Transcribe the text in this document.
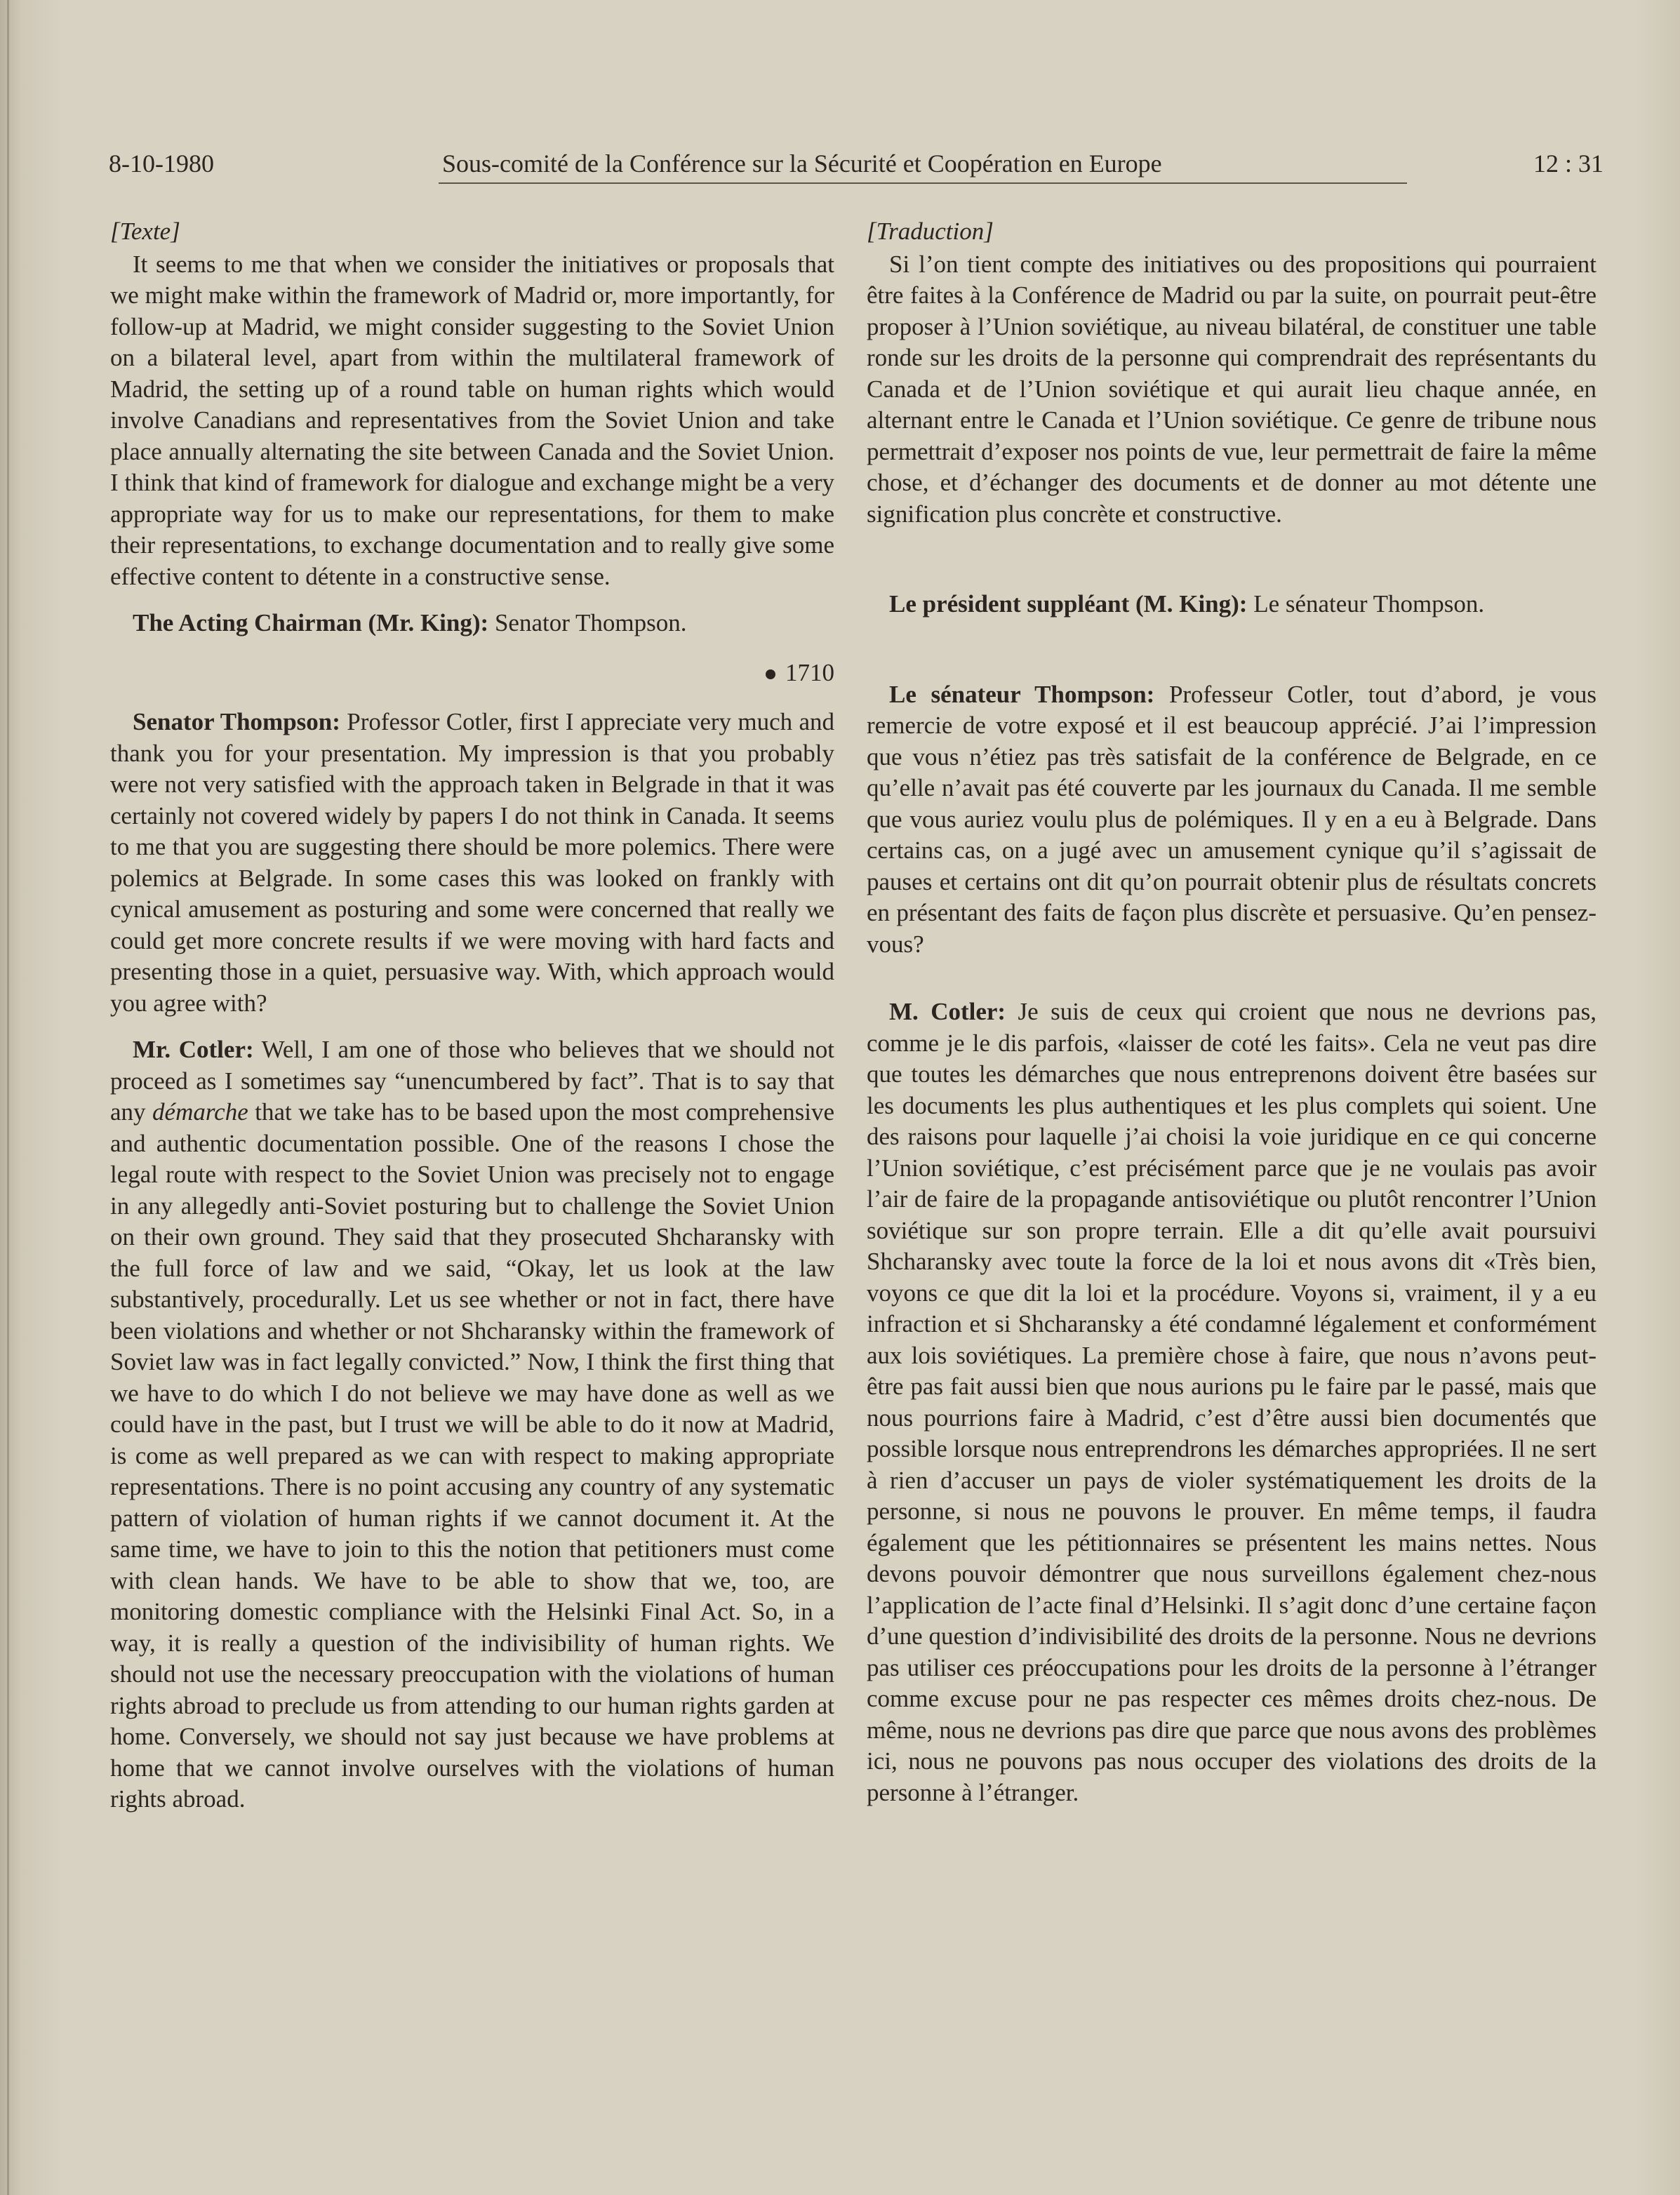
8-10-1980	Sous-comité de la Conférence sur la Sécurité et Coopération en Europe	12 : 31
[Texte]

It seems to me that when we consider the initiatives or proposals that we might make within the framework of Madrid or, more importantly, for follow-up at Madrid, we might consider suggesting to the Soviet Union on a bilateral level, apart from within the multilateral framework of Madrid, the setting up of a round table on human rights which would involve Canadians and representatives from the Soviet Union and take place annually alternating the site between Canada and the Soviet Union. I think that kind of framework for dialogue and exchange might be a very appropriate way for us to make our representations, for them to make their representations, to exchange documentation and to really give some effective content to détente in a constructive sense.

The Acting Chairman (Mr. King): Senator Thompson.

1710

Senator Thompson: Professor Cotler, first I appreciate very much and thank you for your presentation. My impression is that you probably were not very satisfied with the approach taken in Belgrade in that it was certainly not covered widely by papers I do not think in Canada. It seems to me that you are suggesting there should be more polemics. There were polemics at Belgrade. In some cases this was looked on frankly with cynical amusement as posturing and some were concerned that really we could get more concrete results if we were moving with hard facts and presenting those in a quiet, persuasive way. With, which approach would you agree with?

Mr. Cotler: Well, I am one of those who believes that we should not proceed as I sometimes say “unencumbered by fact”. That is to say that any démarche that we take has to be based upon the most comprehensive and authentic documentation possible. One of the reasons I chose the legal route with respect to the Soviet Union was precisely not to engage in any allegedly anti-Soviet posturing but to challenge the Soviet Union on their own ground. They said that they prosecuted Shcharansky with the full force of law and we said, “Okay, let us look at the law substantively, procedurally. Let us see whether or not in fact, there have been violations and whether or not Shcharansky within the framework of Soviet law was in fact legally convicted.” Now, I think the first thing that we have to do which I do not believe we may have done as well as we could have in the past, but I trust we will be able to do it now at Madrid, is come as well prepared as we can with respect to making appropriate representations. There is no point accusing any country of any systematic pattern of violation of human rights if we cannot document it. At the same time, we have to join to this the notion that petitioners must come with clean hands. We have to be able to show that we, too, are monitoring domestic compliance with the Helsinki Final Act. So, in a way, it is really a question of the indivisibility of human rights. We should not use the necessary preoccupation with the violations of human rights abroad to preclude us from attending to our human rights garden at home. Conversely, we should not say just because we have problems at home that we cannot involve ourselves with the violations of human rights abroad.

[Traduction]

Si l’on tient compte des initiatives ou des propositions qui pourraient être faites à la Conférence de Madrid ou par la suite, on pourrait peut-être proposer à l’Union soviétique, au niveau bilatéral, de constituer une table ronde sur les droits de la personne qui comprendrait des représentants du Canada et de l’Union soviétique et qui aurait lieu chaque année, en alternant entre le Canada et l’Union soviétique. Ce genre de tribune nous permettrait d’exposer nos points de vue, leur permettrait de faire la même chose, et d’échanger des documents et de donner au mot détente une signification plus concrète et constructive.

Le président suppléant (M. King): Le sénateur Thompson.

Le sénateur Thompson: Professeur Cotler, tout d’abord, je vous remercie de votre exposé et il est beaucoup apprécié. J’ai l’impression que vous n’étiez pas très satisfait de la conférence de Belgrade, en ce qu’elle n’avait pas été couverte par les journaux du Canada. Il me semble que vous auriez voulu plus de polémiques. Il y en a eu à Belgrade. Dans certains cas, on a jugé avec un amusement cynique qu’il s’agissait de pauses et certains ont dit qu’on pourrait obtenir plus de résultats concrets en présentant des faits de façon plus discrète et persuasive. Qu’en pensez-vous?

M. Cotler: Je suis de ceux qui croient que nous ne devrions pas, comme je le dis parfois, «laisser de coté les faits». Cela ne veut pas dire que toutes les démarches que nous entreprenons doivent être basées sur les documents les plus authentiques et les plus complets qui soient. Une des raisons pour laquelle j’ai choisi la voie juridique en ce qui concerne l’Union soviétique, c’est précisément parce que je ne voulais pas avoir l’air de faire de la propagande antisoviétique ou plutôt rencontrer l’Union soviétique sur son propre terrain. Elle a dit qu’elle avait poursuivi Shcharansky avec toute la force de la loi et nous avons dit «Très bien, voyons ce que dit la loi et la procédure. Voyons si, vraiment, il y a eu infraction et si Shcharansky a été condamné légalement et conformément aux lois soviétiques. La première chose à faire, que nous n’avons peut-être pas fait aussi bien que nous aurions pu le faire par le passé, mais que nous pourrions faire à Madrid, c’est d’être aussi bien documentés que possible lorsque nous entreprendrons les démarches appropriées. Il ne sert à rien d’accuser un pays de violer systématiquement les droits de la personne, si nous ne pouvons le prouver. En même temps, il faudra également que les pétitionnaires se présentent les mains nettes. Nous devons pouvoir démontrer que nous surveillons également chez-nous l’application de l’acte final d’Helsinki. Il s’agit donc d’une certaine façon d’une question d’indivisibilité des droits de la personne. Nous ne devrions pas utiliser ces préoccupations pour les droits de la personne à l’étranger comme excuse pour ne pas respecter ces mêmes droits chez-nous. De même, nous ne devrions pas dire que parce que nous avons des problèmes ici, nous ne pouvons pas nous occuper des violations des droits de la personne à l’étranger.
